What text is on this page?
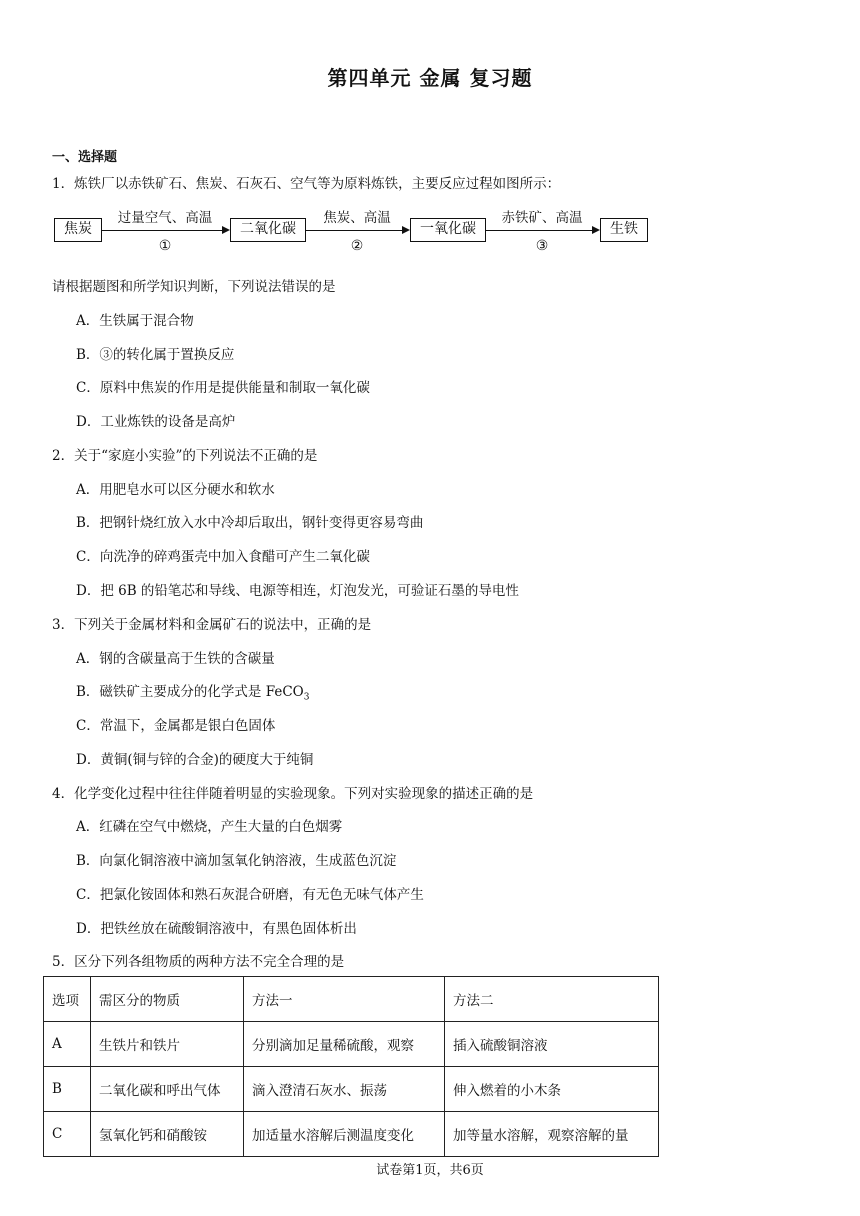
第四单元 金属 复习题
一、选择题
1．炼铁厂以赤铁矿石、焦炭、石灰石、空气等为原料炼铁，主要反应过程如图所示：
焦炭
过量空气、高温
①
二氧化碳
焦炭、高温
②
一氧化碳
赤铁矿、高温
③
生铁
请根据题图和所学知识判断，下列说法错误的是
A．生铁属于混合物
B．③的转化属于置换反应
C．原料中焦炭的作用是提供能量和制取一氧化碳
D．工业炼铁的设备是高炉
2．关于“家庭小实验”的下列说法不正确的是
A．用肥皂水可以区分硬水和软水
B．把钢针烧红放入水中冷却后取出，钢针变得更容易弯曲
C．向洗净的碎鸡蛋壳中加入食醋可产生二氧化碳
D．把 6B 的铅笔芯和导线、电源等相连，灯泡发光，可验证石墨的导电性
3．下列关于金属材料和金属矿石的说法中，正确的是
A．钢的含碳量高于生铁的含碳量
B．磁铁矿主要成分的化学式是 FeCO$_3$
C．常温下，金属都是银白色固体
D．黄铜(铜与锌的合金)的硬度大于纯铜
4．化学变化过程中往往伴随着明显的实验现象。下列对实验现象的描述正确的是
A．红磷在空气中燃烧，产生大量的白色烟雾
B．向氯化铜溶液中滴加氢氧化钠溶液，生成蓝色沉淀
C．把氯化铵固体和熟石灰混合研磨，有无色无味气体产生
D．把铁丝放在硫酸铜溶液中，有黑色固体析出
5．区分下列各组物质的两种方法不完全合理的是
选项	需区分的物质	方法一	方法二
A	生铁片和铁片	分别滴加足量稀硫酸，观察	插入硫酸铜溶液
B	二氧化碳和呼出气体	滴入澄清石灰水、振荡	伸入燃着的小木条
C	氢氧化钙和硝酸铵	加适量水溶解后测温度变化	加等量水溶解，观察溶解的量
试卷第1页，共6页
